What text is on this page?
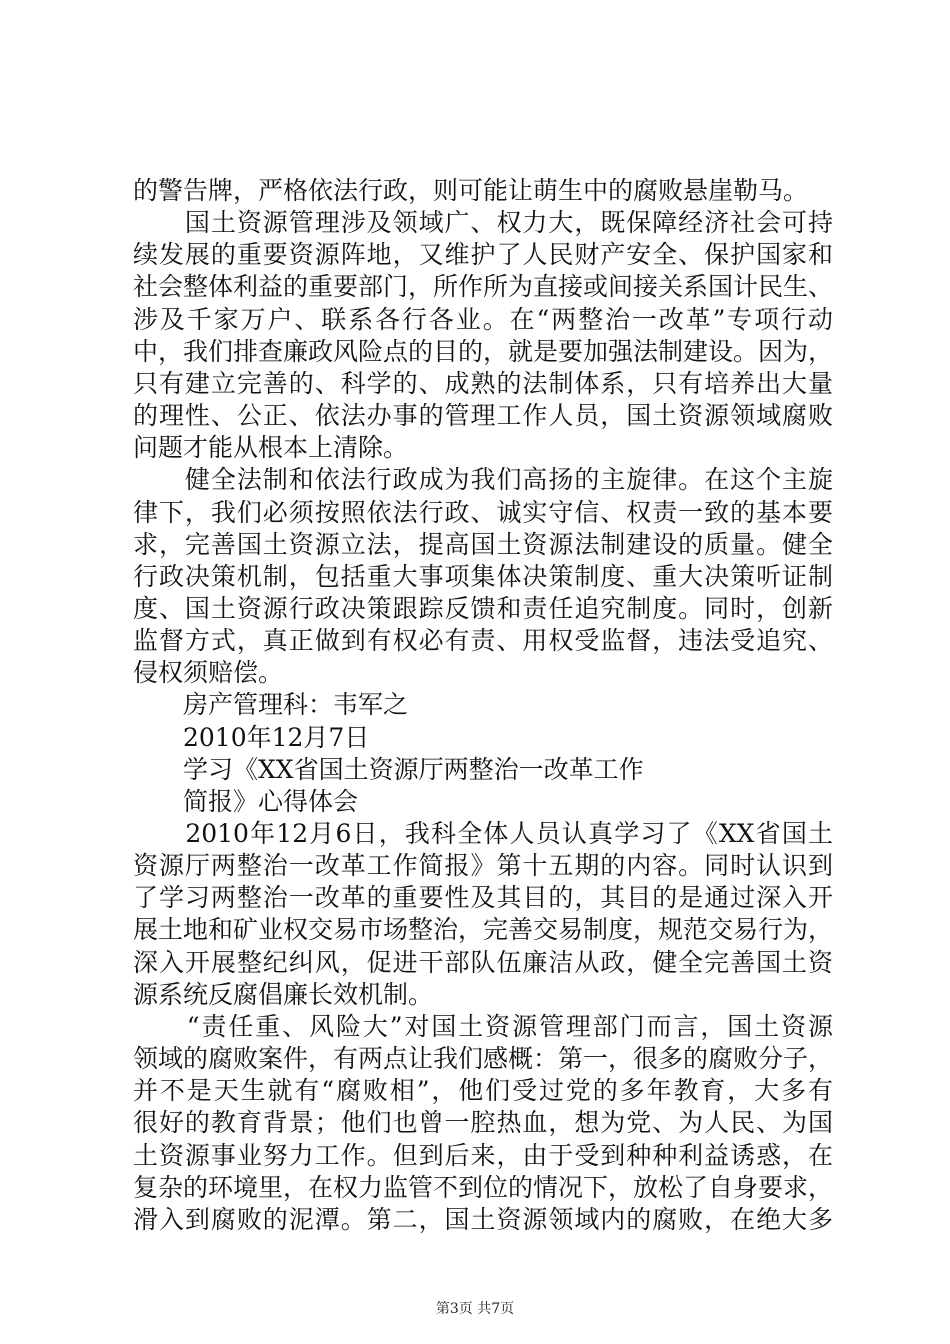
的警告牌，严格依法行政，则可能让萌生中的腐败悬崖勒马。
　　国土资源管理涉及领域广、权力大，既保障经济社会可持
续发展的重要资源阵地，又维护了人民财产安全、保护国家和
社会整体利益的重要部门，所作所为直接或间接关系国计民生、
涉及千家万户、联系各行各业。在“两整治一改革”专项行动
中，我们排查廉政风险点的目的，就是要加强法制建设。因为，
只有建立完善的、科学的、成熟的法制体系，只有培养出大量
的理性、公正、依法办事的管理工作人员，国土资源领域腐败
问题才能从根本上清除。
　　健全法制和依法行政成为我们高扬的主旋律。在这个主旋
律下，我们必须按照依法行政、诚实守信、权责一致的基本要
求，完善国土资源立法，提高国土资源法制建设的质量。健全
行政决策机制，包括重大事项集体决策制度、重大决策听证制
度、国土资源行政决策跟踪反馈和责任追究制度。同时，创新
监督方式，真正做到有权必有责、用权受监督，违法受追究、
侵权须赔偿。
　　房产管理科：韦军之
　　2010年12月7日
　　学习《XX省国土资源厅两整治一改革工作
　　简报》心得体会
　　2010年12月6日，我科全体人员认真学习了《XX省国土
资源厅两整治一改革工作简报》第十五期的内容。同时认识到
了学习两整治一改革的重要性及其目的，其目的是通过深入开
展土地和矿业权交易市场整治，完善交易制度，规范交易行为，
深入开展整纪纠风，促进干部队伍廉洁从政，健全完善国土资
源系统反腐倡廉长效机制。
　　“责任重、风险大”对国土资源管理部门而言，国土资源
领域的腐败案件，有两点让我们感概：第一，很多的腐败分子，
并不是天生就有“腐败相”，他们受过党的多年教育，大多有
很好的教育背景；他们也曾一腔热血，想为党、为人民、为国
土资源事业努力工作。但到后来，由于受到种种利益诱惑，在
复杂的环境里，在权力监管不到位的情况下，放松了自身要求，
滑入到腐败的泥潭。第二，国土资源领域内的腐败，在绝大多
第3页 共7页
